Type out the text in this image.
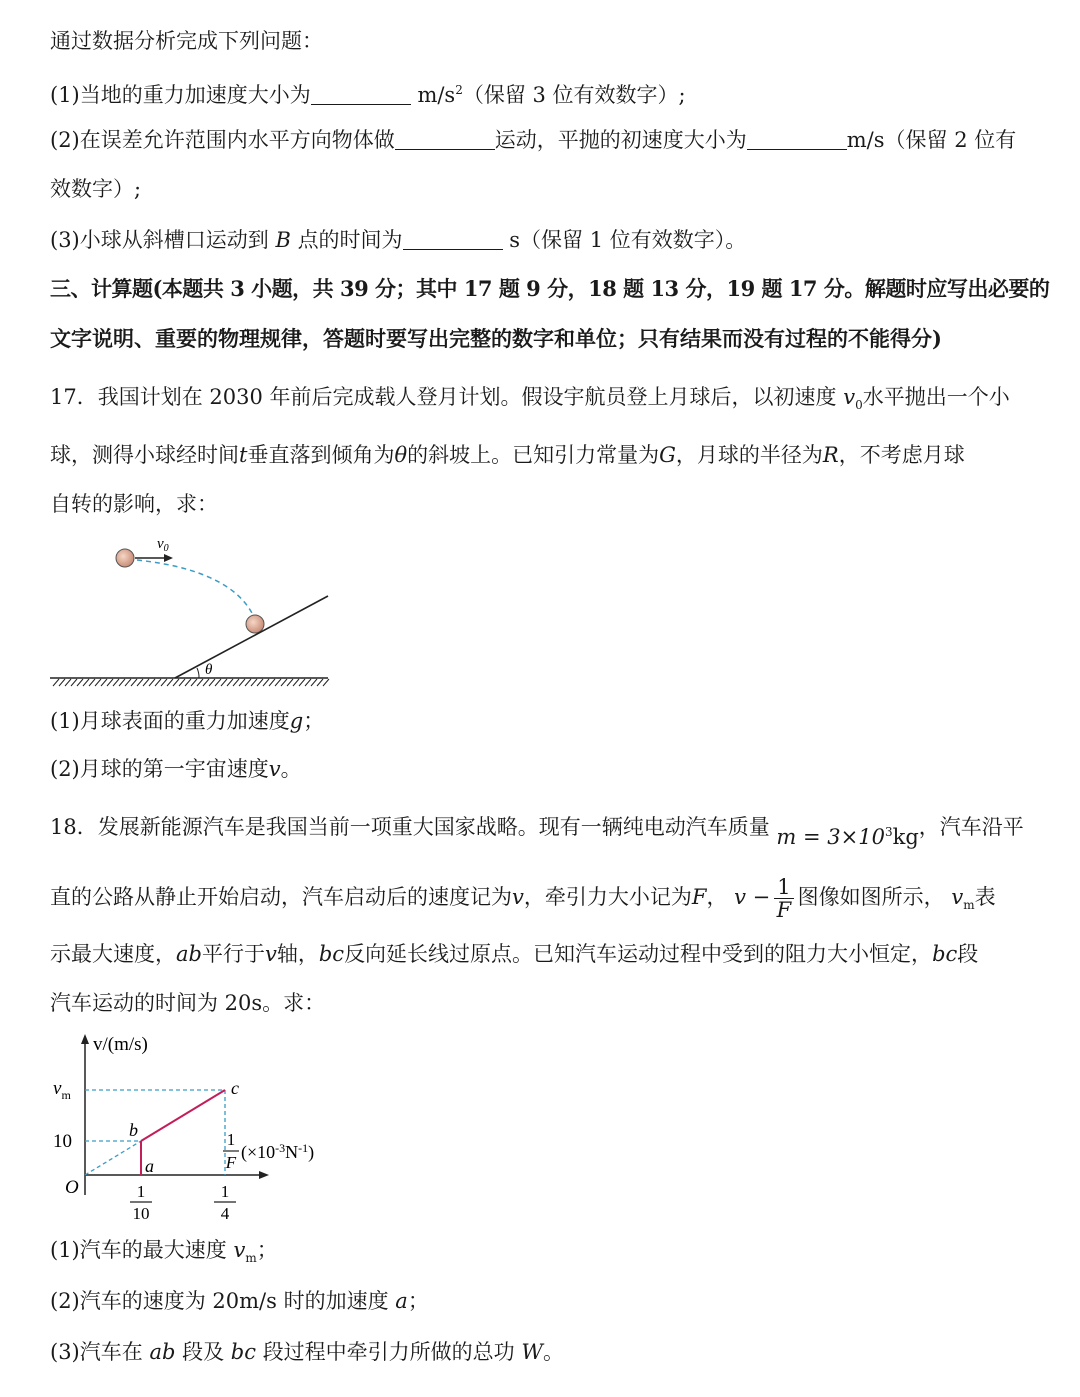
通过数据分析完成下列问题：
(1)当地的重力加速度大小为	$m/s^2$（保留 3 位有效数字）;
(2)在误差允许范围内水平方向物体做	运动，平抛的初速度大小为	m/s（保留 2 位有
效数字）;
(3)小球从斜槽口运动到 B 点的时间为	s（保留 1 位有效数字）。
三、计算题(本题共 3 小题，共 39 分；其中 17 题 9 分，18 题 13 分，19 题 17 分。解题时应写出必要的
文字说明、重要的物理规律，答题时要写出完整的数字和单位；只有结果而没有过程的不能得分)
17．我国计划在 2030 年前后完成载人登月计划。假设宇航员登上月球后，以初速度 $v_0$水平抛出一个小
球，测得小球经时间t垂直落到倾角为θ的斜坡上。已知引力常量为G，月球的半径为R，不考虑月球
自转的影响，求：
$v_0$
θ
(1)月球表面的重力加速度g；
(2)月球的第一宇宙速度v。
18．发展新能源汽车是我国当前一项重大国家战略。现有一辆纯电动汽车质量 $m = 3\times 10^3kg$，汽车沿平
直的公路从静止开始启动，汽车启动后的速度记为v，牵引力大小记为F， $v - \frac{1}{F}$ 图像如图所示， $v_m$表
示最大速度，ab平行于v轴，bc反向延长线过原点。已知汽车运动过程中受到的阻力大小恒定，bc段
汽车运动的时间为 20s。求：
v/(m/s)
O
1
F
$(\times 10^{-3}N^{-1})$
a
b
c
10
$v_m$
1
10
1
4
(1)汽车的最大速度 $v_m$；
(2)汽车的速度为 20m/s 时的加速度 a；
(3)汽车在 ab 段及 bc 段过程中牵引力所做的总功 W。
